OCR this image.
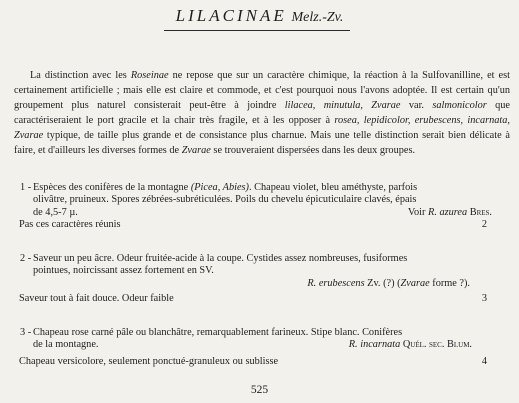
LILACINAE Melz.-Zv.

La distinction avec les Roseinae ne repose que sur un caractère chimique, la réaction à la Sulfovanilline, et est certainement artificielle ; mais elle est claire et commode, et c'est pourquoi nous l'avons adoptée. Il est certain qu'un groupement plus naturel consisterait peut-être à joindre lilacea, minutula, Zvarae var. salmonicolor que caractériseraient le port gracile et la chair très fragile, et à les opposer à rosea, lepidicolor, erubescens, incarnata, Zvarae typique, de taille plus grande et de consistance plus charnue. Mais une telle distinction serait bien délicate à faire, et d'ailleurs les diverses formes de Zvarae se trouveraient dispersées dans les deux groupes.

1 - Espèces des conifères de la montagne (Picea, Abies). Chapeau violet, bleu améthyste, parfois
olivâtre, pruineux. Spores zébrées-subréticulées. Poils du chevelu épicuticulaire clavés, épais
de 4,5-7 µ.	Voir R. azurea Bres.
Pas ces caractères réunis	2
2 - Saveur un peu âcre. Odeur fruitée-acide à la coupe. Cystides assez nombreuses, fusiformes
pointues, noircissant assez fortement en SV.
R. erubescens Zv. (?) (Zvarae forme ?).
Saveur tout à fait douce. Odeur faible	3
3 - Chapeau rose carné pâle ou blanchâtre, remarquablement farineux. Stipe blanc. Conifères
de la montagne.	R. incarnata Quél. sec. Blum.
Chapeau versicolore, seulement ponctué-granuleux ou sublisse	4
525
